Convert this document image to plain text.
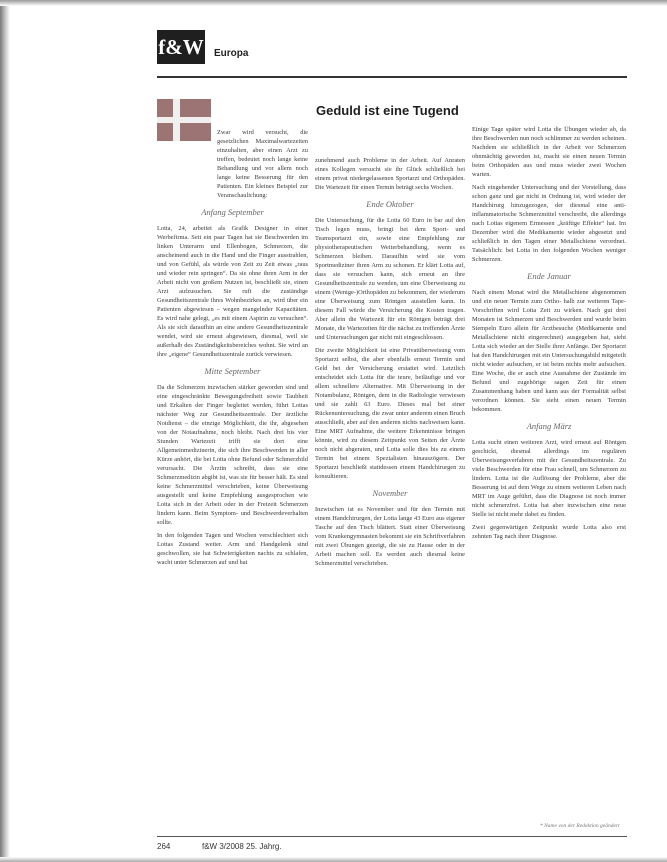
f&W Europa
Geduld ist eine Tugend

Zwar wird versucht, die gesetzlichen Maximalwartezeiten einzuhalten, aber einen Arzt zu treffen, bedeutet noch lange keine Behandlung und vor allem noch lange keine Besserung für den Patienten. Ein kleines Beispiel zur Veranschaulichung:

Anfang September

Lotta, 24, arbeitet als Grafik Designer in einer Werbefirma. Seit ein paar Tagen hat sie Beschwerden im linken Unterarm und Ellenbogen, Schmerzen, die anscheinend auch in die Hand und die Finger ausstrahlen, und von Gefühl, als würde von Zeit zu Zeit etwas „raus und wieder rein springen“. Da sie ohne ihren Arm in der Arbeit nicht von großem Nutzen ist, beschließt sie, einen Arzt aufzusuchen. Sie ruft die zuständige Gesundheitszentrale ihres Wohnbezirkes an, wird über ein Patienten abgewiesen – wegen mangelnder Kapazitäten. Es wird nahe gelegt, „es mit einem Aspirin zu versuchen“. Als sie sich daraufhin an eine andere Gesundheitszentrale wendet, wird sie erneut abgewiesen, diesmal, weil sie außerhalb des Zuständigkeitsbereiches wohnt. Sie wird an ihre „eigene“ Gesundheitszentrale zurück verwiesen.

Mitte September

Da die Schmerzen inzwischen stärker geworden sind und eine eingeschränkte Bewegungsfreiheit sowie Taubheit und Erkalten der Finger begleitet werden, führt Lottas nächster Weg zur Gesundheitszentrale. Der ärztliche Notdienst – die einzige Möglichkeit, die ihr, abgesehen von der Notaufnahme, noch bleibt. Nach drei bis vier Stunden Wartezeit trifft sie dort eine Allgemeinmedizinerin, die sich ihre Beschwerden in aller Kürze anhört, die bei Lotta ohne Befund oder Schmerzbild verursacht. Die Ärztin schreibt, dass sie eine Schmerzmedizin abgibt ist, was sie für besser hält. Es sind keine Schmerzmittel verschrieben, keine Überweisung ausgestellt und keine Empfehlung ausgesprochen wie Lotta sich in der Arbeit oder in der Freizeit Schmerzen lindern kann. Beim Symptom- und Beschwerdeverhalten sollte.

In den folgenden Tagen und Wochen verschlechtert sich Lottas Zustand weiter. Arm und Handgelenk sind geschwollen, sie hat Schwierigkeiten nachts zu schlafen, wacht unter Schmerzen auf und hat

zunehmend auch Probleme in der Arbeit. Auf Anraten eines Kollegen versucht sie ihr Glück schließlich bei einem privat niedergelassenen Sportarzt und Orthopäden. Die Wartezeit für einen Termin beträgt sechs Wochen.

Ende Oktober

Die Untersuchung, für die Lotta 60 Euro in bar auf den Tisch legen muss, bringt bei dem Sport- und Teamsportarzt ein, sowie eine Empfehlung zur physiotherapeutischen Weiterbehandlung, wenn es Schmerzen bleiben. Daraufhin wird sie vom Sportmediziner ihren Arm zu schonen. Er klärt Lotta auf, dass sie versuchen kann, sich erneut an ihre Gesundheitszentrale zu wenden, um eine Überweisung zu einem (Wenige-)Orthopäden zu bekommen, der wiederum eine Überweisung zum Röntgen ausstellen kann. In diesem Fall würde die Versicherung die Kosten tragen. Aber allein die Wartezeit für ein Röntgen beträgt drei Monate, die Wartezeiten für die nächst zu treffenden Ärzte und Untersuchungen gar nicht mit eingeschlossen.

Die zweite Möglichkeit ist eine Privatüberweisung vom Sportarzt selbst, die aber ebenfalls erneut Termin und Geld bei der Versicherung erstattet wird. Letztlich entscheidet sich Lotta für die teure, beiläufige und vor allem schnellere Alternative. Mit Überweisung in der Notambulanz, Röntgen, dem in die Radiologie verwiesen und sie zahlt 63 Euro. Dieses mal bei einer Rückenuntersuchung, die zwar unter anderem einen Bruch ausschließt, aber auf den anderen nichts nachweisen kann. Eine MRT Aufnahme, die weitere Erkenntnisse bringen könnte, wird zu diesem Zeitpunkt von Seiten der Ärzte noch nicht abgeraten, und Lotta solle dies bis zu einem Termin bei einem Spezialisten hinauszögern. Der Sportarzt beschließt stattdessen einem Handchirurgen zu konsultieren.

November

Inzwischen ist es November und für den Termin mit einem Handchirurgen, der Lotta lange 43 Euro aus eigener Tasche auf den Tisch blättert. Statt einer Überweisung vom Krankengymnasten bekommt sie ein Schriftverfahren mit zwei Übungen gezeigt, die sie zu Hause oder in der Arbeit machen soll. Es werden auch diesmal keine Schmerzmittel verschrieben.

Einige Tage später wird Lotta die Übungen wieder ab, da ihre Beschwerden nun noch schlimmer zu werden scheinen. Nachdem sie schließlich in der Arbeit vor Schmerzen ohnmächtig geworden ist, macht sie einen neuen Termin beim Orthopäden aus und muss wieder zwei Wochen warten.

Nach eingehender Untersuchung und der Vorstellung, dass schon ganz und gar nicht in Ordnung ist, wird wieder der Handchirurg hinzugezogen, der diesmal eine anti-inflammatorische Schmerzmittel verschreibt, die allerdings nach Lottas eigenem Ermessen „kräftige Effekte“ hat. Im Dezember wird die Medikamente wieder abgesetzt und schließlich in den Tagen einer Metallschiene verordnet. Tatsächlich: bei Lotta in den folgenden Wochen weniger Schmerzen.

Ende Januar

Nach einem Monat wird die Metallschiene abgenommen und ein neuer Termin zum Ortho- halb zur weiteren Tape-Vorschriften wird Lotta Zeit zu wirken. Nach gut drei Monaten ist Schmerzen und Beschwerden und wurde beim Stempeln Euro allein für Arztbesuche (Medikamente und Metallschiene nicht eingerechnet) ausgegeben hat, sieht Lotta sich wieder an der Stelle ihrer Anfänge. Der Sportarzt hat den Handchirurgen mit ein Untersuchungsbild mitgeteilt nicht wieder aufsuchen, er ist beim nichts mehr aufsuchen. Eine Woche, die er auch eine Ausnahme der Zustände im Befund und zugehörige sagen Zeit für einen Zusammenhang haben und kann aus der Formalität selbst verordnen können. Sie sieht einen neuen Termin bekommen.

Anfang März

Lotta sucht einen weiteren Arzt, wird erneut auf Röntgen geschickt, diesmal allerdings im regulären Überweisungsverfahren mit der Gesundheitszentrale. Zu viele Beschwerden für eine Frau schnell, um Schmerzen zu lindern. Lotta ist die Auflösung der Probleme, aber die Besserung ist auf dem Wege zu einem weiteren Leben nach MRT im Auge geführt, dass die Diagnose ist noch immer nicht schmerzfrei. Lotta hat aber inzwischen eine neue Stelle ist nicht mehr dabei zu finden.

Zwei gegenwärtigen Zeitpunkt wurde Lotta also erst zehnten Tag nach ihrer Diagnose.

* Name von der Redaktion geändert
264	f&W 3/2008 25. Jahrg.
